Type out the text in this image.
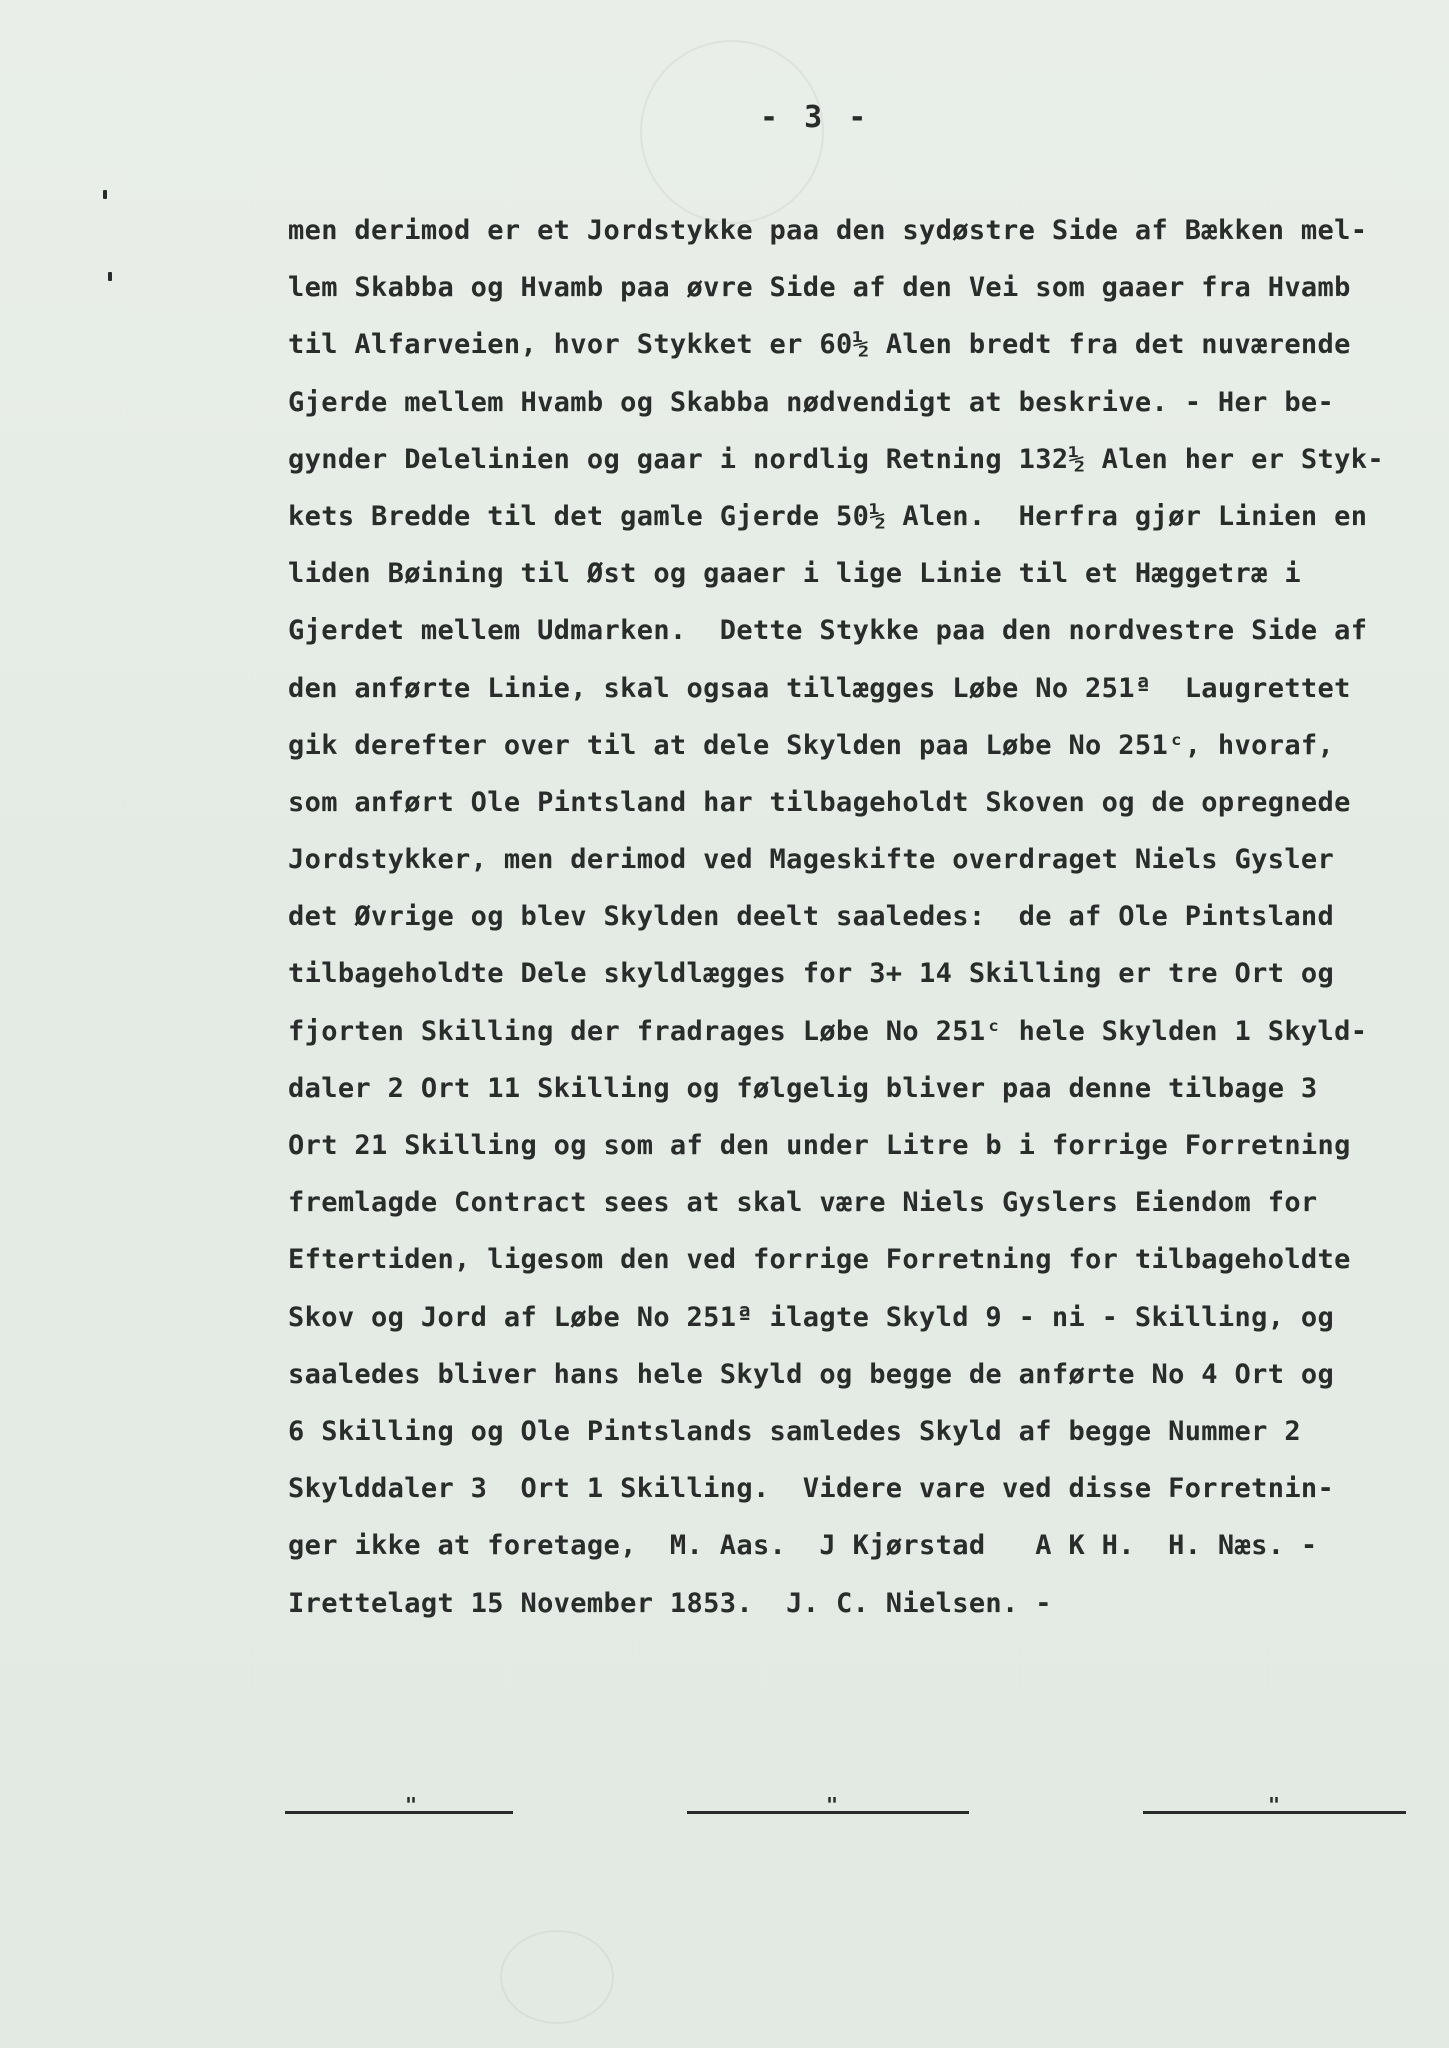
- 3 -
men derimod er et Jordstykke paa den sydøstre Side af Bækken mel-
lem Skabba og Hvamb paa øvre Side af den Vei som gaaer fra Hvamb
til Alfarveien, hvor Stykket er 60½ Alen bredt fra det nuværende
Gjerde mellem Hvamb og Skabba nødvendigt at beskrive. - Her be-
gynder Delelinien og gaar i nordlig Retning 132½ Alen her er Styk-
kets Bredde til det gamle Gjerde 50½ Alen.  Herfra gjør Linien en
liden Bøining til Øst og gaaer i lige Linie til et Hæggetræ i
Gjerdet mellem Udmarken.  Dette Stykke paa den nordvestre Side af
den anførte Linie, skal ogsaa tillægges Løbe No 251ª  Laugrettet
gik derefter over til at dele Skylden paa Løbe No 251ᶜ, hvoraf,
som anført Ole Pintsland har tilbageholdt Skoven og de opregnede
Jordstykker, men derimod ved Mageskifte overdraget Niels Gysler
det Øvrige og blev Skylden deelt saaledes:  de af Ole Pintsland
tilbageholdte Dele skyldlægges for 3+ 14 Skilling er tre Ort og
fjorten Skilling der fradrages Løbe No 251ᶜ hele Skylden 1 Skyld-
daler 2 Ort 11 Skilling og følgelig bliver paa denne tilbage 3
Ort 21 Skilling og som af den under Litre b i forrige Forretning
fremlagde Contract sees at skal være Niels Gyslers Eiendom for
Eftertiden, ligesom den ved forrige Forretning for tilbageholdte
Skov og Jord af Løbe No 251ª ilagte Skyld 9 - ni - Skilling, og
saaledes bliver hans hele Skyld og begge de anførte No 4 Ort og
6 Skilling og Ole Pintslands samledes Skyld af begge Nummer 2
Skylddaler 3  Ort 1 Skilling.  Videre vare ved disse Forretnin-
ger ikke at foretage,  M. Aas.  J Kjørstad   A K H.  H. Næs. -
Irettelagt 15 November 1853.  J. C. Nielsen. -
"	"	"
